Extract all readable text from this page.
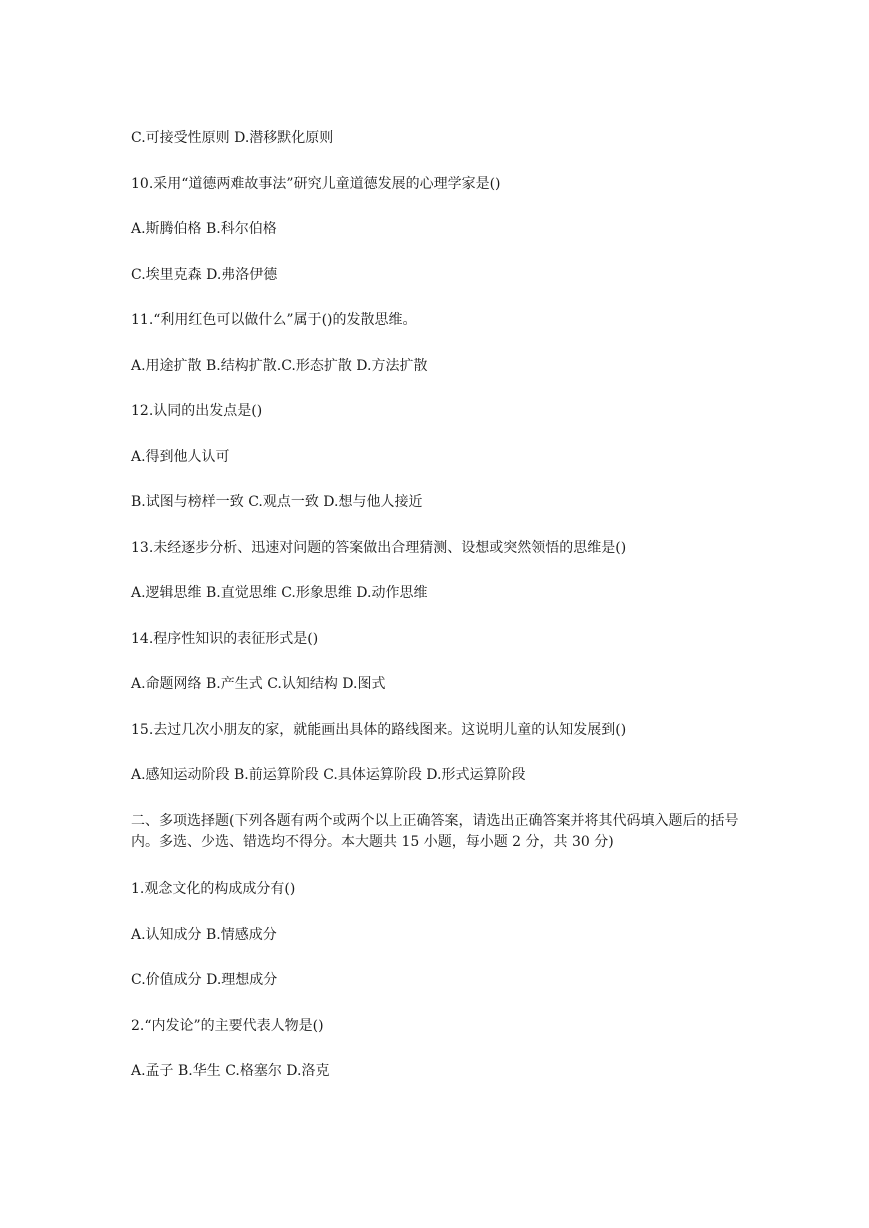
C.可接受性原则 D.潜移默化原则
10.采用“道德两难故事法”研究儿童道德发展的心理学家是()
A.斯腾伯格 B.科尔伯格
C.埃里克森 D.弗洛伊德
11.“利用红色可以做什么”属于()的发散思维。
A.用途扩散 B.结构扩散.C.形态扩散 D.方法扩散
12.认同的出发点是()
A.得到他人认可
B.试图与榜样一致 C.观点一致 D.想与他人接近
13.未经逐步分析、迅速对问题的答案做出合理猜测、设想或突然领悟的思维是()
A.逻辑思维 B.直觉思维 C.形象思维 D.动作思维
14.程序性知识的表征形式是()
A.命题网络 B.产生式 C.认知结构 D.图式
15.去过几次小朋友的家，就能画出具体的路线图来。这说明儿童的认知发展到()
A.感知运动阶段 B.前运算阶段 C.具体运算阶段 D.形式运算阶段
二、多项选择题(下列各题有两个或两个以上正确答案，请选出正确答案并将其代码填入题后的括号内。多选、少选、错选均不得分。本大题共 15 小题，每小题 2 分，共 30 分)
1.观念文化的构成成分有()
A.认知成分 B.情感成分
C.价值成分 D.理想成分
2.“内发论”的主要代表人物是()
A.孟子 B.华生 C.格塞尔 D.洛克
